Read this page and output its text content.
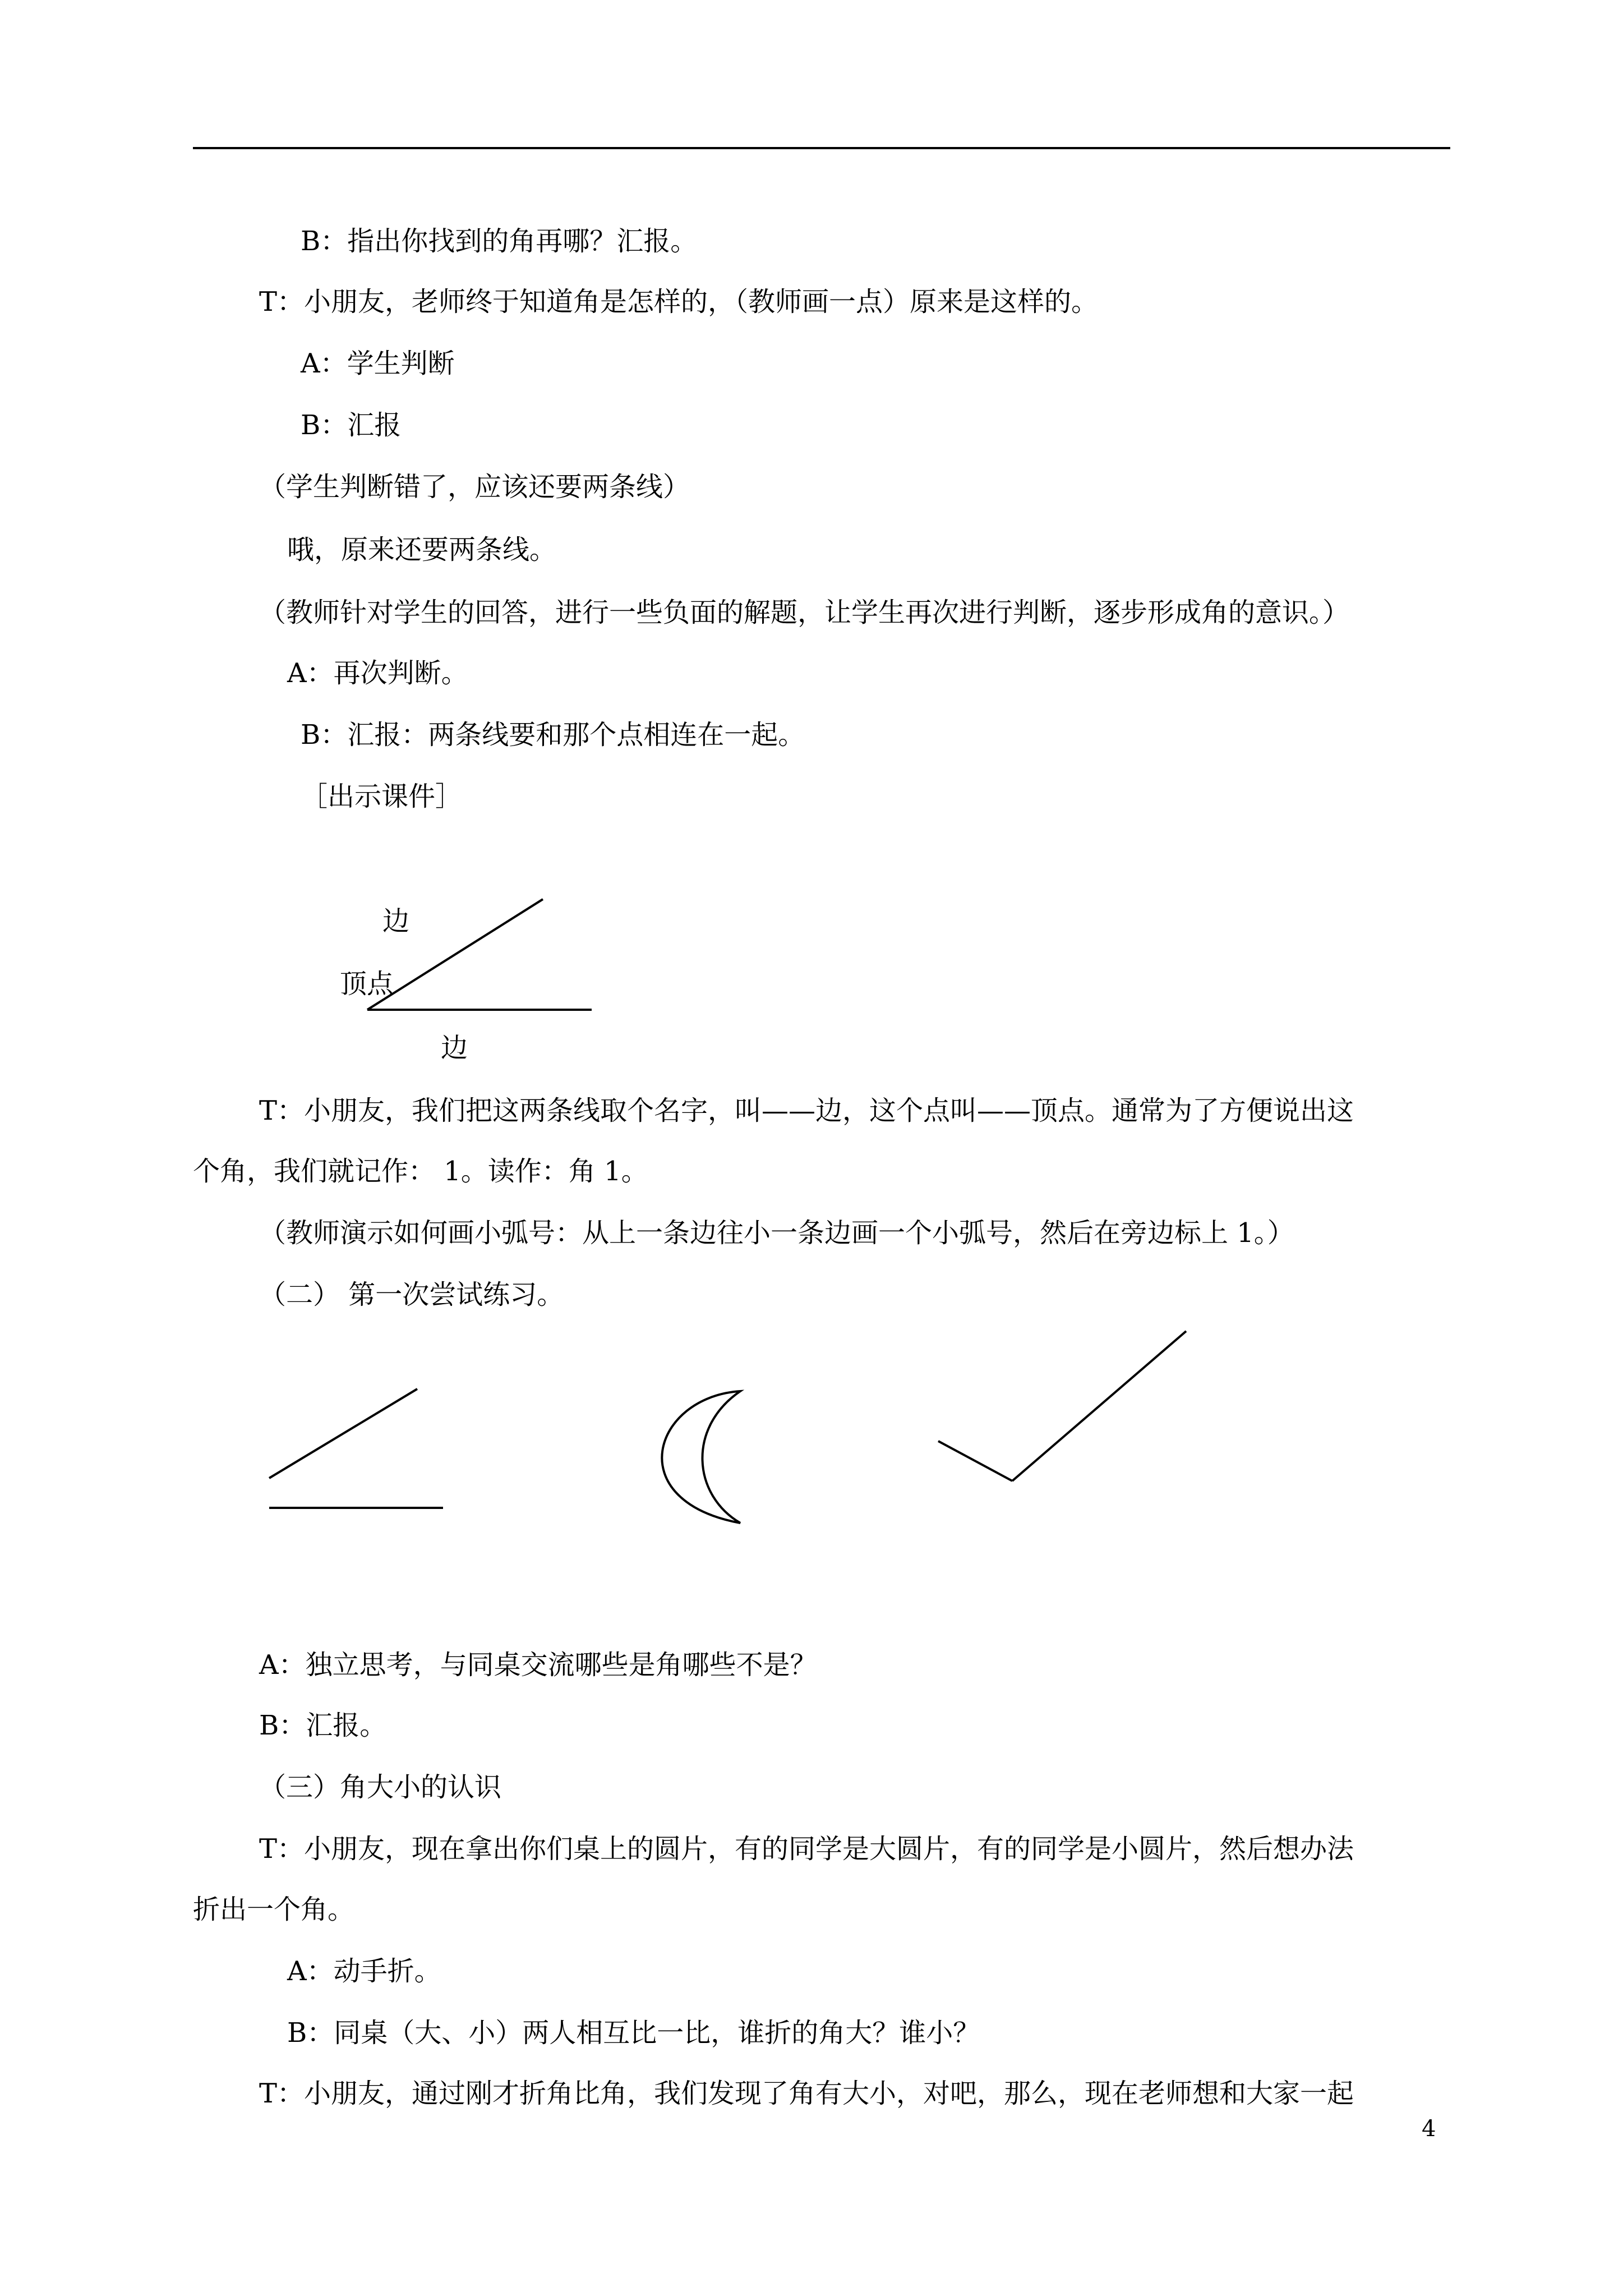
B：指出你找到的角再哪？汇报。
T：小朋友，老师终于知道角是怎样的，（教师画一点）原来是这样的。
A：学生判断
B：汇报
（学生判断错了，应该还要两条线）
哦，原来还要两条线。
（教师针对学生的回答，进行一些负面的解题，让学生再次进行判断，逐步形成角的意识。）
A：再次判断。
B：汇报：两条线要和那个点相连在一起。
［出示课件］
边
顶点
边
T：小朋友，我们把这两条线取个名字，叫——边，这个点叫——顶点。通常为了方便说出这
个角，我们就记作： 1。读作：角 1。
（教师演示如何画小弧号：从上一条边往小一条边画一个小弧号，然后在旁边标上 1。）
（二） 第一次尝试练习。
A：独立思考，与同桌交流哪些是角哪些不是？
B：汇报。
（三）角大小的认识
T：小朋友，现在拿出你们桌上的圆片，有的同学是大圆片，有的同学是小圆片，然后想办法
折出一个角。
A：动手折。
B：同桌（大、小）两人相互比一比，谁折的角大？谁小？
T：小朋友，通过刚才折角比角，我们发现了角有大小，对吧，那么，现在老师想和大家一起
4
